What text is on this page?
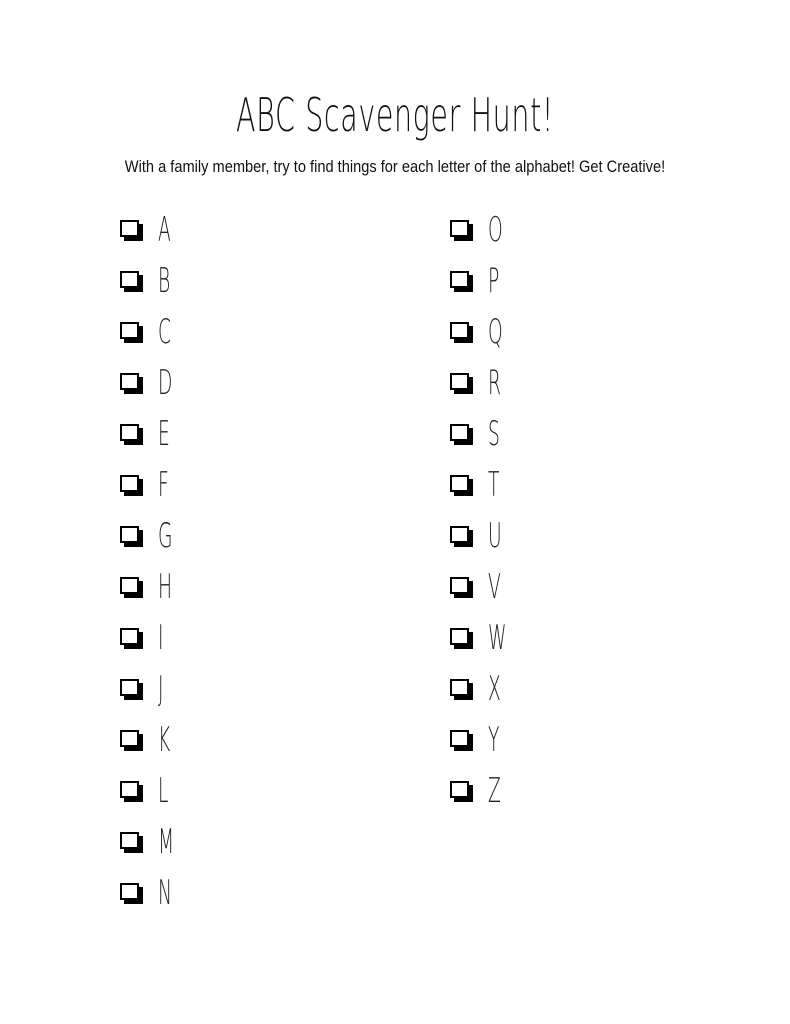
ABC Scavenger Hunt!
With a family member, try to find things for each letter of the alphabet! Get Creative!
A
B
C
D
E
F
G
H
I
J
K
L
M
N
O
P
Q
R
S
T
U
V
W
X
Y
Z
